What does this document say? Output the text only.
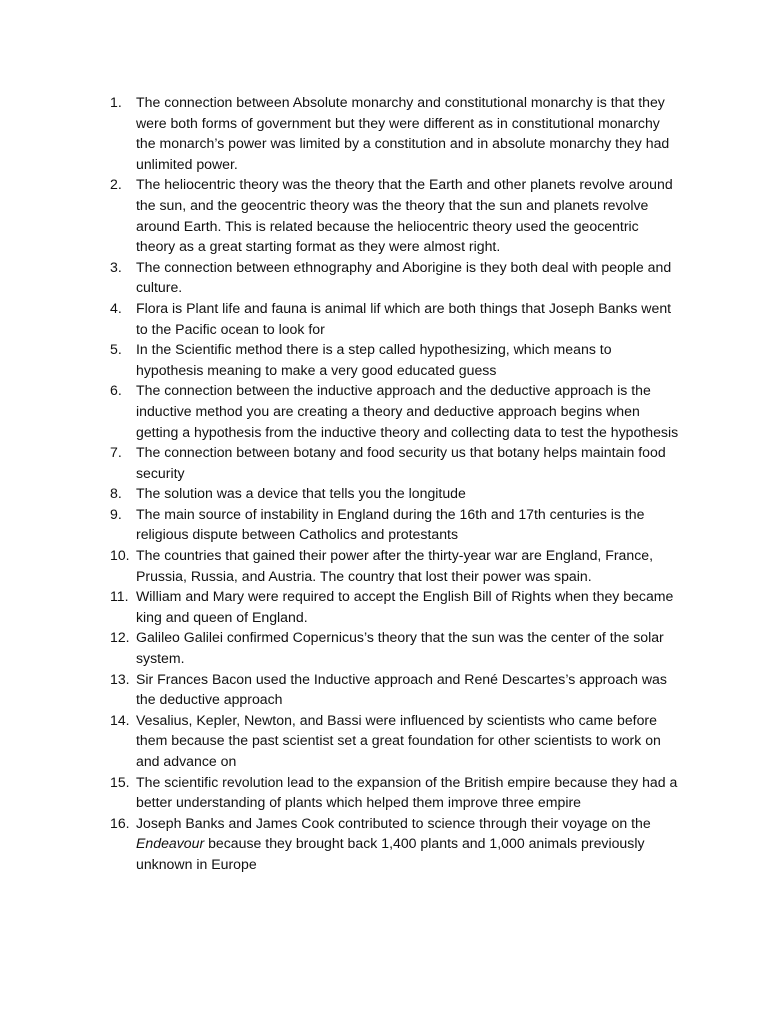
1.	The connection between Absolute monarchy and constitutional monarchy is that they were both forms of government but they were different as in constitutional monarchy the monarch’s power was limited by a constitution and in absolute monarchy they had unlimited power.
2.	The heliocentric theory was the theory that the Earth and other planets revolve around the sun, and the geocentric theory was the theory that the sun and planets revolve around Earth. This is related because the heliocentric theory used the geocentric theory as a great starting format as they were almost right.
3.	The connection between ethnography and Aborigine is they both deal with people and culture.
4.	Flora is Plant life and fauna is animal lif which are both things that Joseph Banks went to the Pacific ocean to look for
5.	In the Scientific method there is a step called hypothesizing, which means to hypothesis meaning to make a very good educated guess
6.	The connection between the inductive approach and the deductive approach is the inductive method you are creating a theory and deductive approach begins when getting a hypothesis from the inductive theory and collecting data to test the hypothesis
7.	The connection between botany and food security us that botany helps maintain food security
8.	The solution was a device that tells you the longitude
9.	The main source of instability in England during the 16th and 17th centuries is the religious dispute between Catholics and protestants
10. The countries that gained their power after the thirty-year war are England, France, Prussia, Russia, and Austria. The country that lost their power was spain.
11. William and Mary were required to accept the English Bill of Rights when they became king and queen of England.
12. Galileo Galilei confirmed Copernicus’s theory that the sun was the center of the solar system.
13. Sir Frances Bacon used the Inductive approach and René Descartes’s approach was the deductive approach
14. Vesalius, Kepler, Newton, and Bassi were influenced by scientists who came before them because the past scientist set a great foundation for other scientists to work on and advance on
15. The scientific revolution lead to the expansion of the British empire because they had a better understanding of plants which helped them improve three empire
16. Joseph Banks and James Cook contributed to science through their voyage on the Endeavour because they brought back 1,400 plants and 1,000 animals previously unknown in Europe
